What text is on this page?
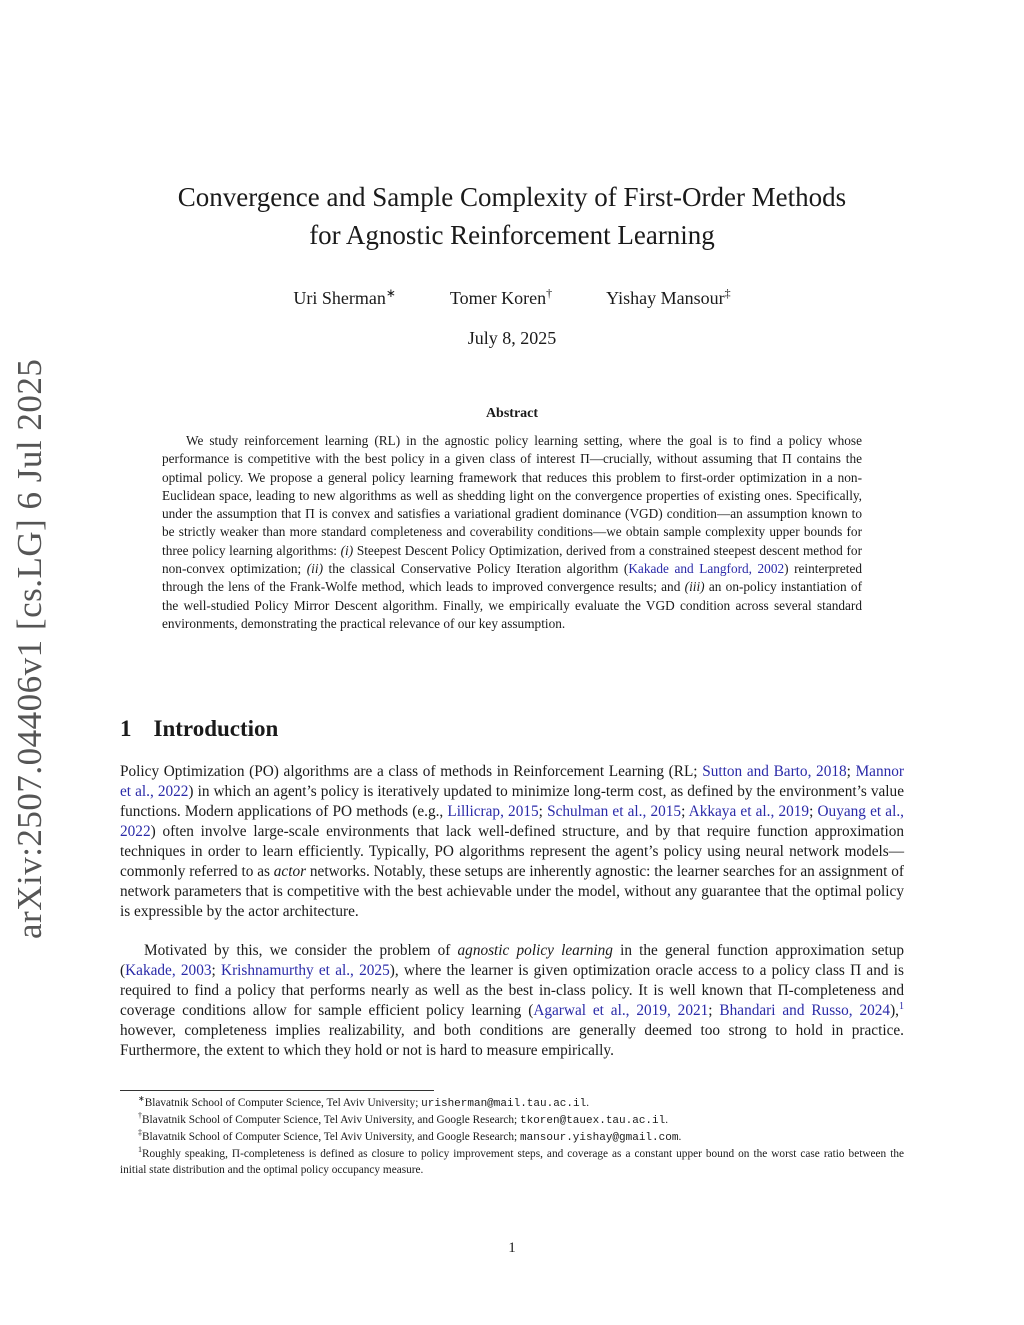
arXiv:2507.04406v1 [cs.LG] 6 Jul 2025
Convergence and Sample Complexity of First-Order Methods
for Agnostic Reinforcement Learning
Uri Sherman∗	Tomer Koren†	Yishay Mansour‡
July 8, 2025
Abstract

We study reinforcement learning (RL) in the agnostic policy learning setting, where the goal is to find a policy whose performance is competitive with the best policy in a given class of interest Π—crucially, without assuming that Π contains the optimal policy. We propose a general policy learning framework that reduces this problem to first-order optimization in a non-Euclidean space, leading to new algorithms as well as shedding light on the convergence properties of existing ones. Specifically, under the assumption that Π is convex and satisfies a variational gradient dominance (VGD) condition—an assumption known to be strictly weaker than more standard completeness and coverability conditions—we obtain sample complexity upper bounds for three policy learning algorithms: (i) Steepest Descent Policy Optimization, derived from a constrained steepest descent method for non-convex optimization; (ii) the classical Conservative Policy Iteration algorithm (Kakade and Langford, 2002) reinterpreted through the lens of the Frank-Wolfe method, which leads to improved convergence results; and (iii) an on-policy instantiation of the well-studied Policy Mirror Descent algorithm. Finally, we empirically evaluate the VGD condition across several standard environments, demonstrating the practical relevance of our key assumption.

1 Introduction

Policy Optimization (PO) algorithms are a class of methods in Reinforcement Learning (RL; Sutton and Barto, 2018; Mannor et al., 2022) in which an agent’s policy is iteratively updated to minimize long-term cost, as defined by the environment’s value functions. Modern applications of PO methods (e.g., Lillicrap, 2015; Schulman et al., 2015; Akkaya et al., 2019; Ouyang et al., 2022) often involve large-scale environments that lack well-defined structure, and by that require function approximation techniques in order to learn efficiently. Typically, PO algorithms represent the agent’s policy using neural network models—commonly referred to as actor networks. Notably, these setups are inherently agnostic: the learner searches for an assignment of network parameters that is competitive with the best achievable under the model, without any guarantee that the optimal policy is expressible by the actor architecture.

Motivated by this, we consider the problem of agnostic policy learning in the general function approximation setup (Kakade, 2003; Krishnamurthy et al., 2025), where the learner is given optimization oracle access to a policy class Π and is required to find a policy that performs nearly as well as the best in-class policy. It is well known that Π-completeness and coverage conditions allow for sample efficient policy learning (Agarwal et al., 2019, 2021; Bhandari and Russo, 2024),$^1$ however, completeness implies realizability, and both conditions are generally deemed too strong to hold in practice. Furthermore, the extent to which they hold or not is hard to measure empirically.

∗Blavatnik School of Computer Science, Tel Aviv University; urisherman@mail.tau.ac.il.

†Blavatnik School of Computer Science, Tel Aviv University, and Google Research; tkoren@tauex.tau.ac.il.

‡Blavatnik School of Computer Science, Tel Aviv University, and Google Research; mansour.yishay@gmail.com.

$^1$Roughly speaking, Π-completeness is defined as closure to policy improvement steps, and coverage as a constant upper bound on the worst case ratio between the initial state distribution and the optimal policy occupancy measure.

1
